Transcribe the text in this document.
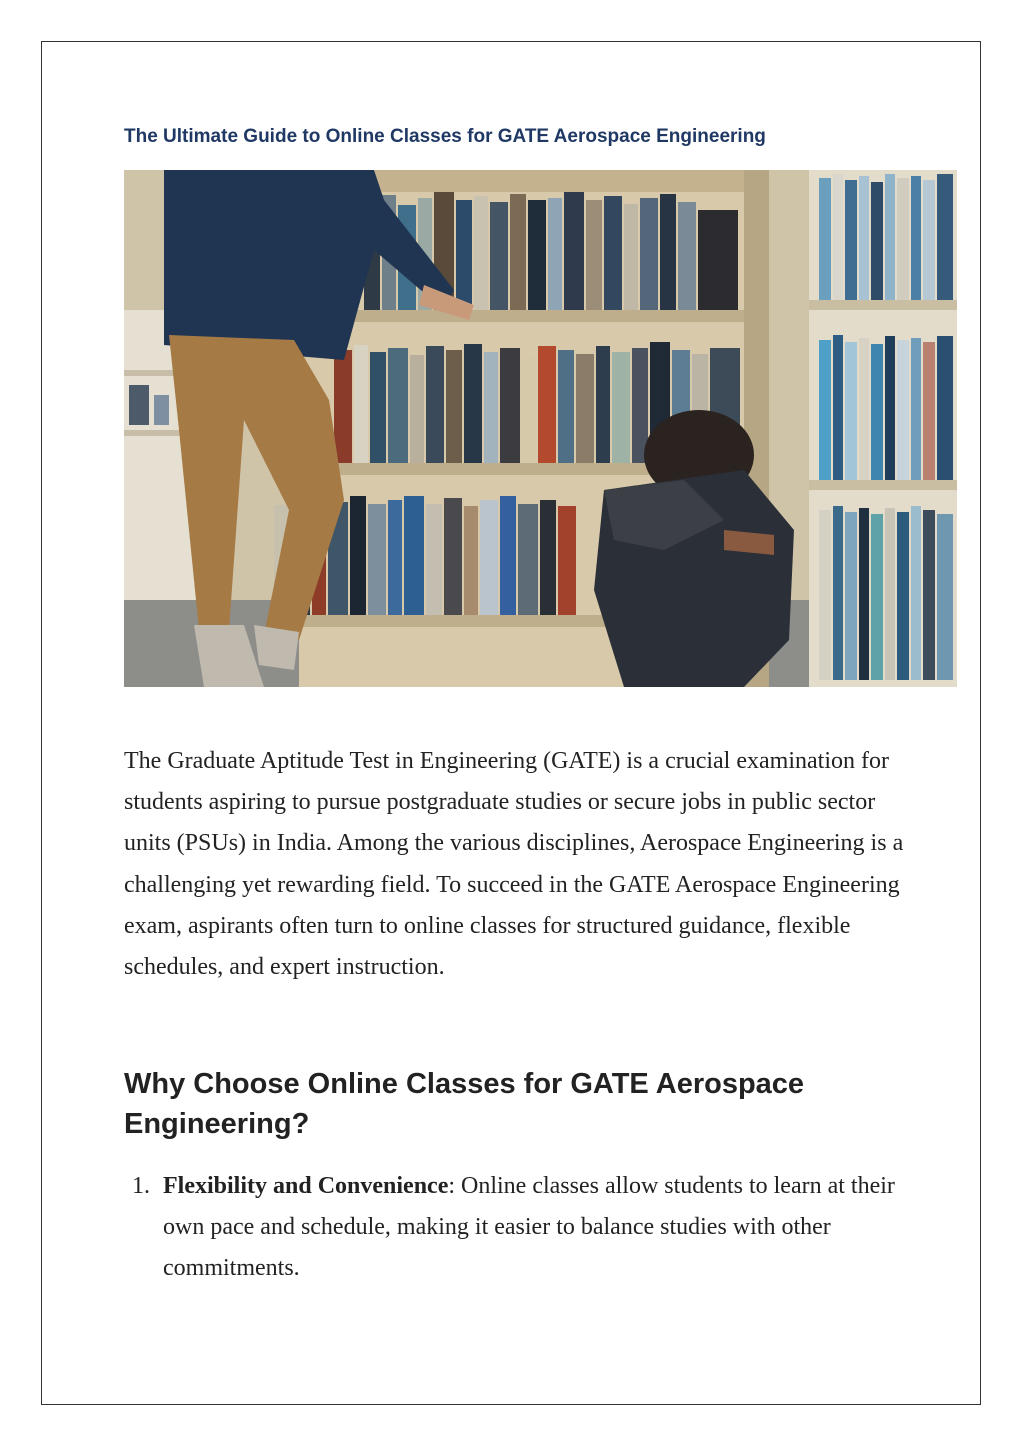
The Ultimate Guide to Online Classes for GATE Aerospace Engineering

The Graduate Aptitude Test in Engineering (GATE) is a crucial examination for students aspiring to pursue postgraduate studies or secure jobs in public sector units (PSUs) in India. Among the various disciplines, Aerospace Engineering is a challenging yet rewarding field. To succeed in the GATE Aerospace Engineering exam, aspirants often turn to online classes for structured guidance, flexible schedules, and expert instruction.

Why Choose Online Classes for GATE Aerospace Engineering?
1. Flexibility and Convenience: Online classes allow students to learn at their own pace and schedule, making it easier to balance studies with other commitments.
